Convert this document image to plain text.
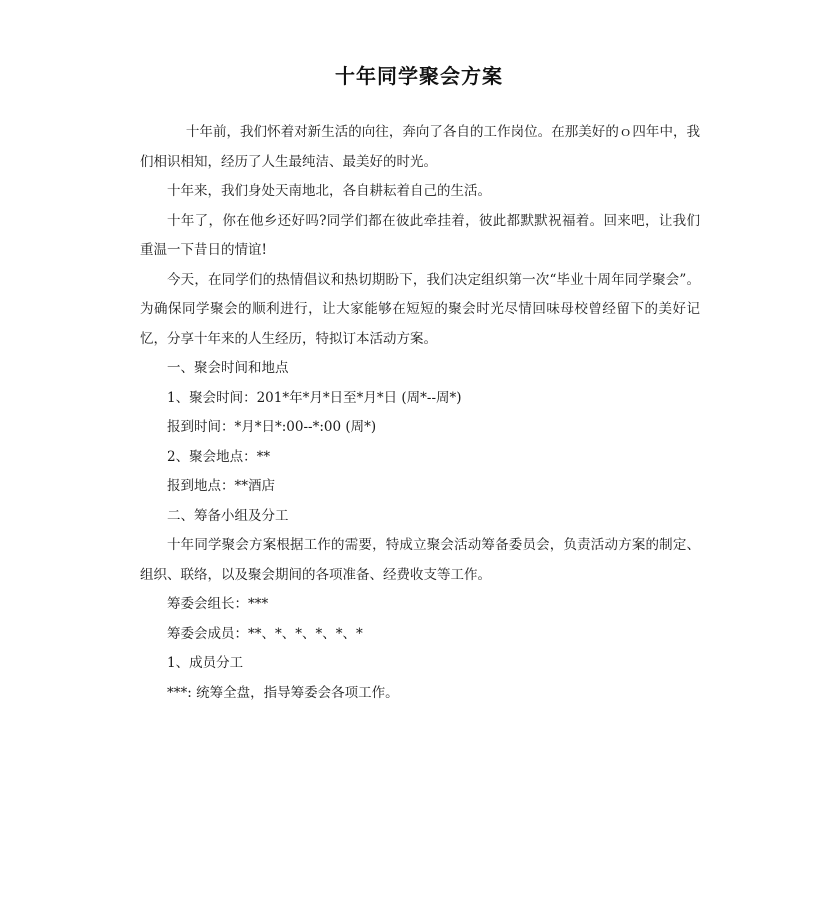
十年同学聚会方案

十年前，我们怀着对新生活的向往，奔向了各自的工作岗位。在那美好的ｏ四年中，我们相识相知，经历了人生最纯洁、最美好的时光。

十年来，我们身处天南地北，各自耕耘着自己的生活。

十年了，你在他乡还好吗?同学们都在彼此牵挂着，彼此都默默祝福着。回来吧，让我们重温一下昔日的情谊!

今天，在同学们的热情倡议和热切期盼下，我们决定组织第一次“毕业十周年同学聚会”。为确保同学聚会的顺利进行，让大家能够在短短的聚会时光尽情回味母校曾经留下的美好记忆，分享十年来的人生经历，特拟订本活动方案。

一、聚会时间和地点

1、聚会时间：201*年*月*日至*月*日 (周*--周*)

报到时间：*月*日*:00--*:00 (周*)

2、聚会地点：**

报到地点：**酒店

二、筹备小组及分工

十年同学聚会方案根据工作的需要，特成立聚会活动筹备委员会，负责活动方案的制定、组织、联络，以及聚会期间的各项准备、经费收支等工作。

筹委会组长：***

筹委会成员：**、*、*、*、*、*

1、成员分工

***: 统筹全盘，指导筹委会各项工作。
